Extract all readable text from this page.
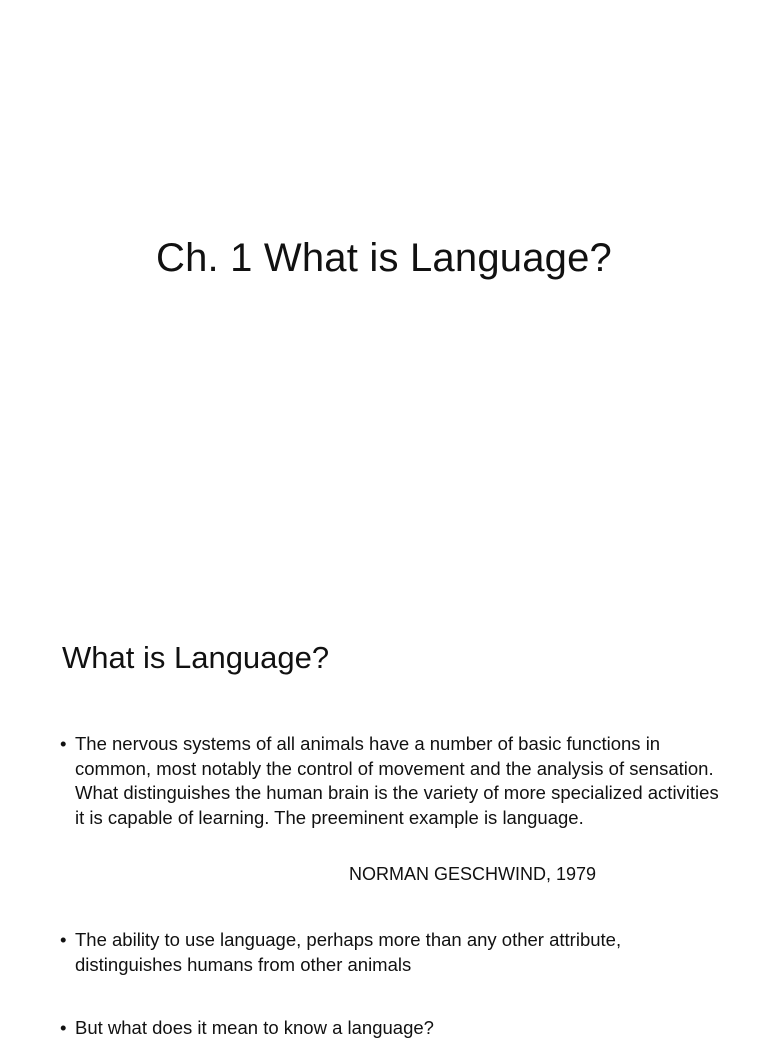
Ch. 1 What is Language?
What is Language?
• The nervous systems of all animals have a number of basic functions in common, most notably the control of movement and the analysis of sensation. What distinguishes the human brain is the variety of more specialized activities it is capable of learning. The preeminent example is language.
NORMAN GESCHWIND, 1979
• The ability to use language, perhaps more than any other attribute, distinguishes humans from other animals
• But what does it mean to know a language?
